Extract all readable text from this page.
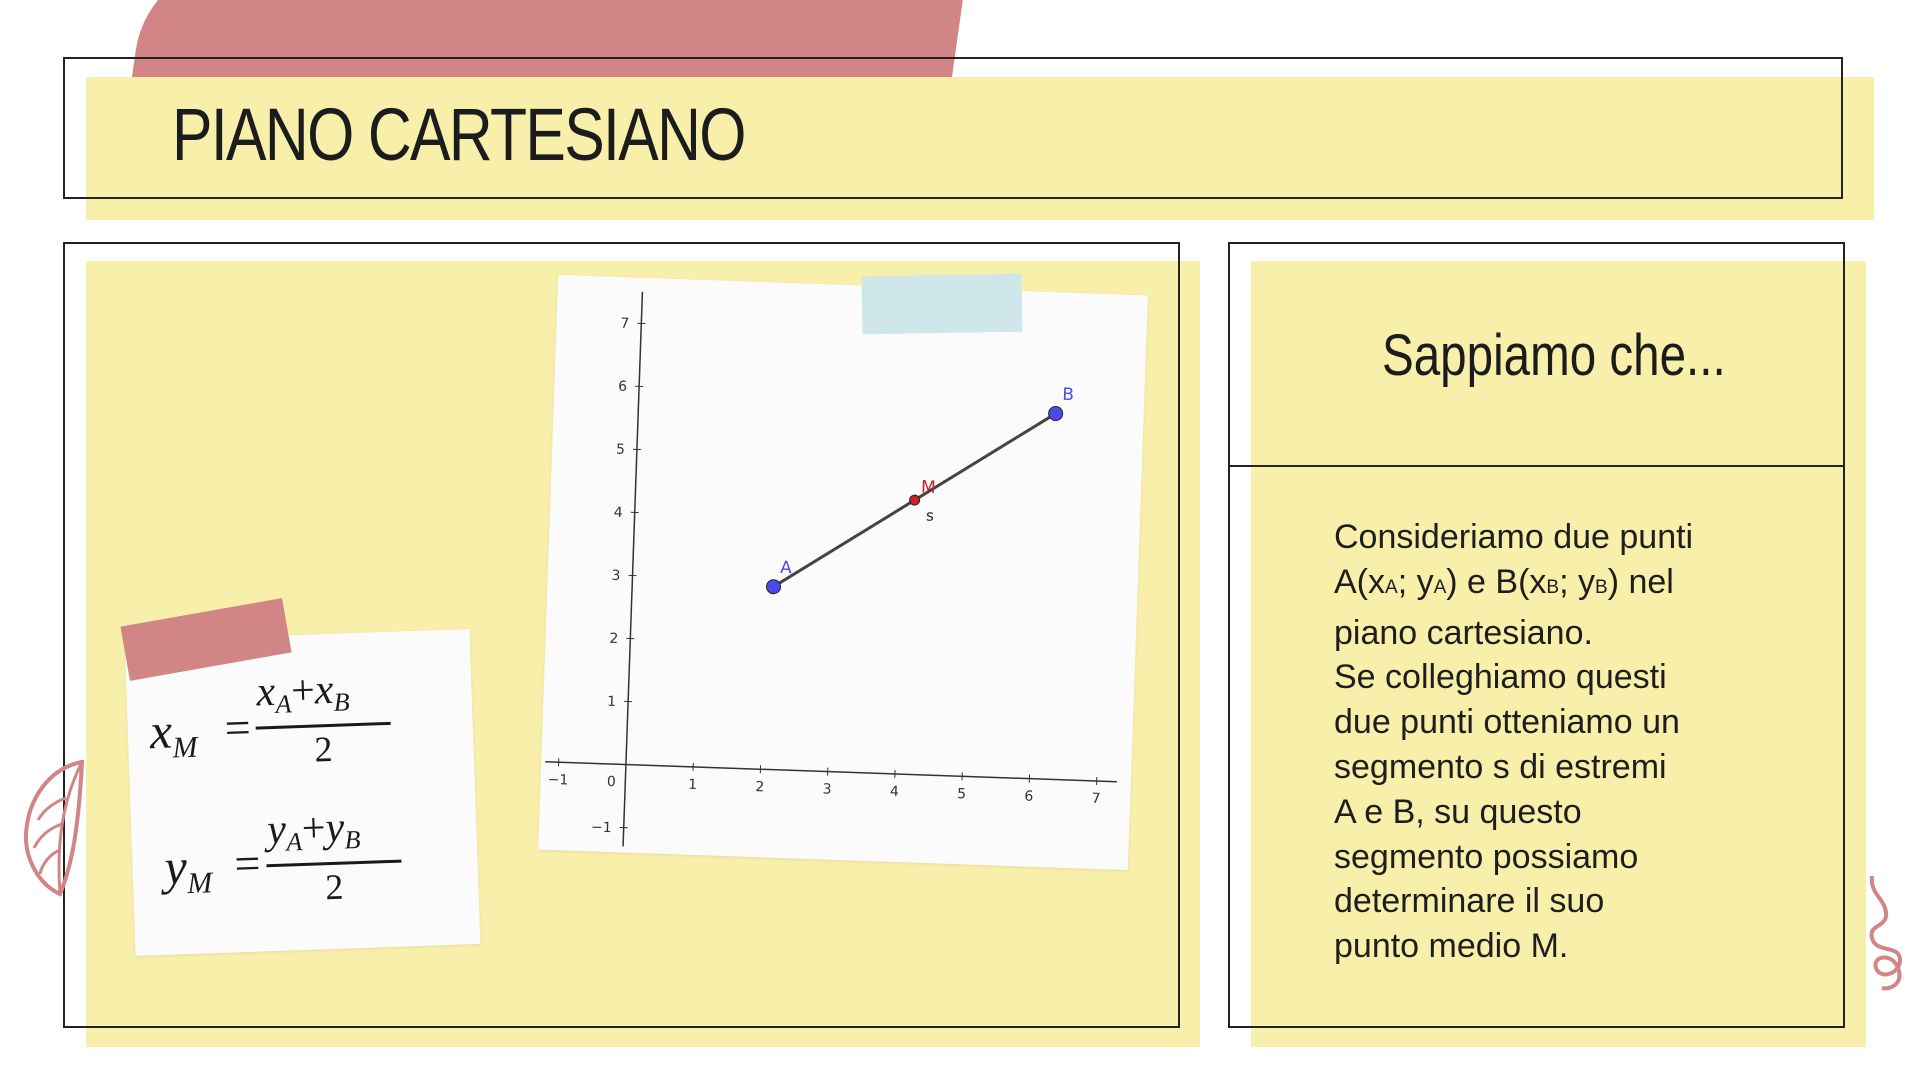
PIANO CARTESIANO
Sappiamo che...
Consideriamo due punti
A(xA; yA) e B(xB; yB) nel
piano cartesiano.
Se colleghiamo questi
due punti otteniamo un
segmento s di estremi
A e B, su questo
segmento possiamo
determinare il suo
punto medio M.
$x_M$ =
xA+xB
2
$y_M$ =
yA+yB
2
−1	0	1	2	3	4	5	6	7
−1
1
2
3
4
5
6
7
s
A
B
M
